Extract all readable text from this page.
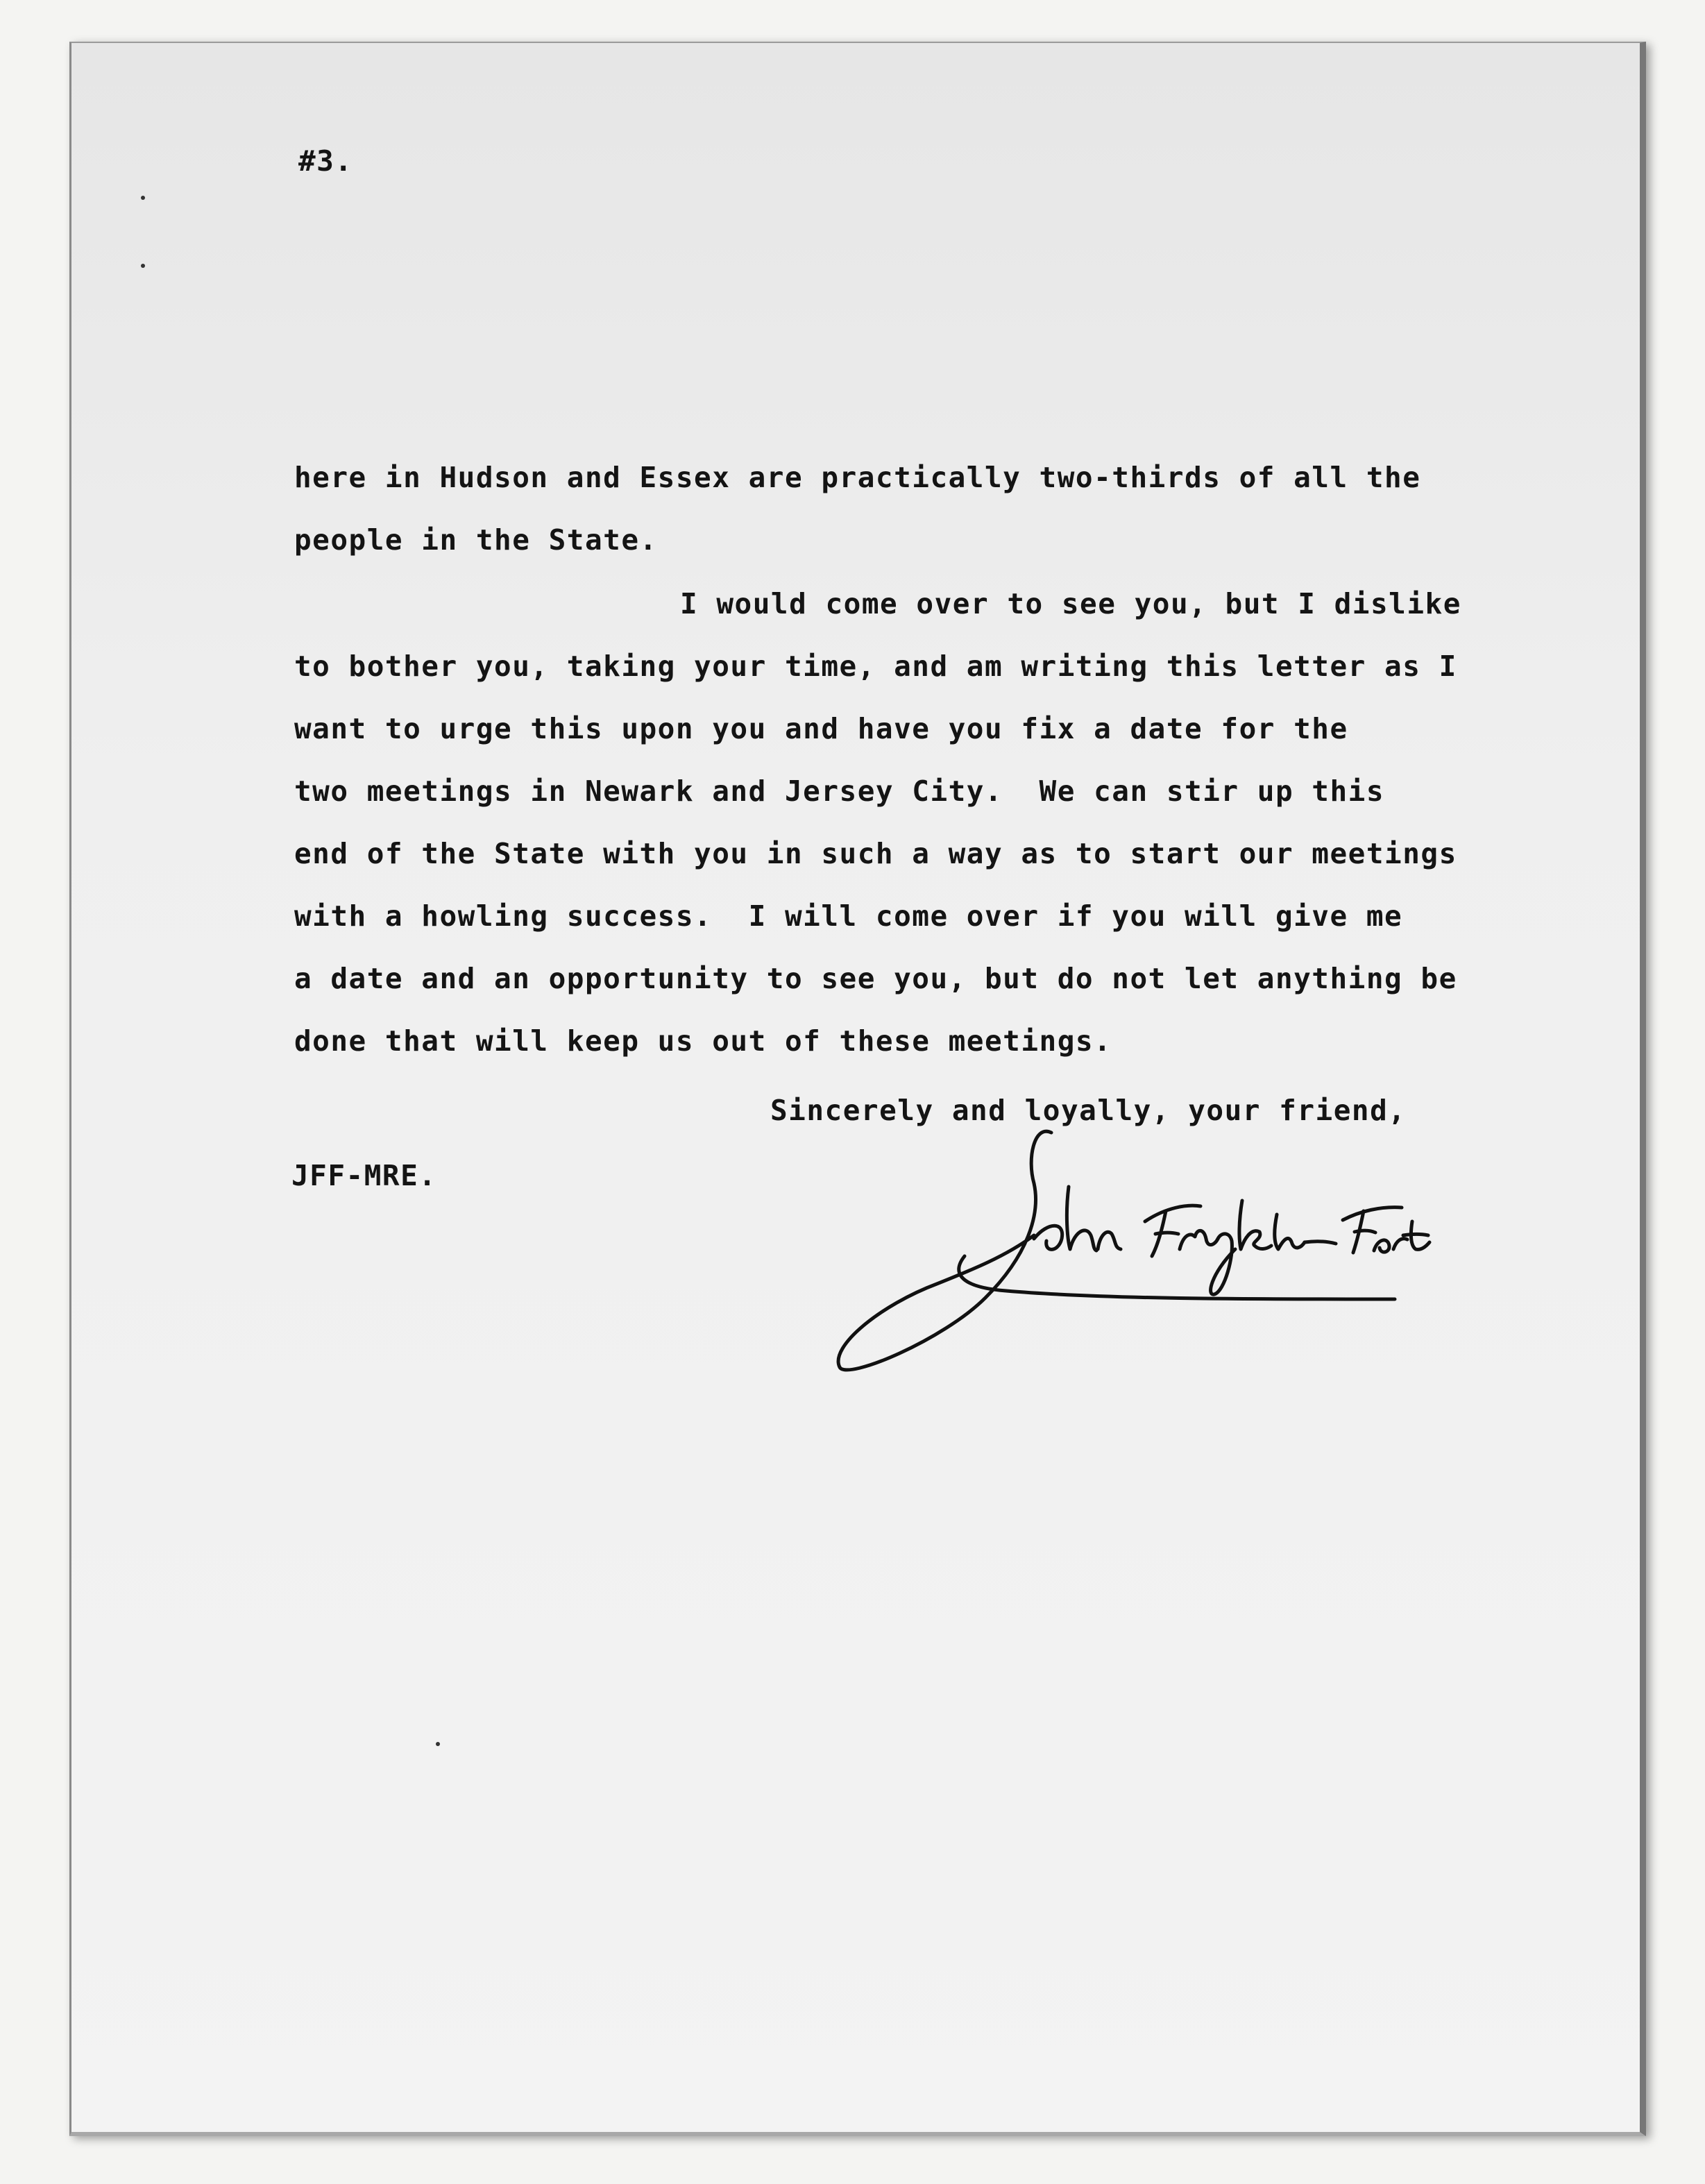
#3.

here in Hudson and Essex are practically two-thirds of all the

people in the State.

I would come over to see you, but I dislike

to bother you, taking your time, and am writing this letter as I

want to urge this upon you and have you fix a date for the

two meetings in Newark and Jersey City.  We can stir up this

end of the State with you in such a way as to start our meetings

with a howling success.  I will come over if you will give me

a date and an opportunity to see you, but do not let anything be

done that will keep us out of these meetings.

Sincerely and loyally, your friend,

JFF-MRE.
